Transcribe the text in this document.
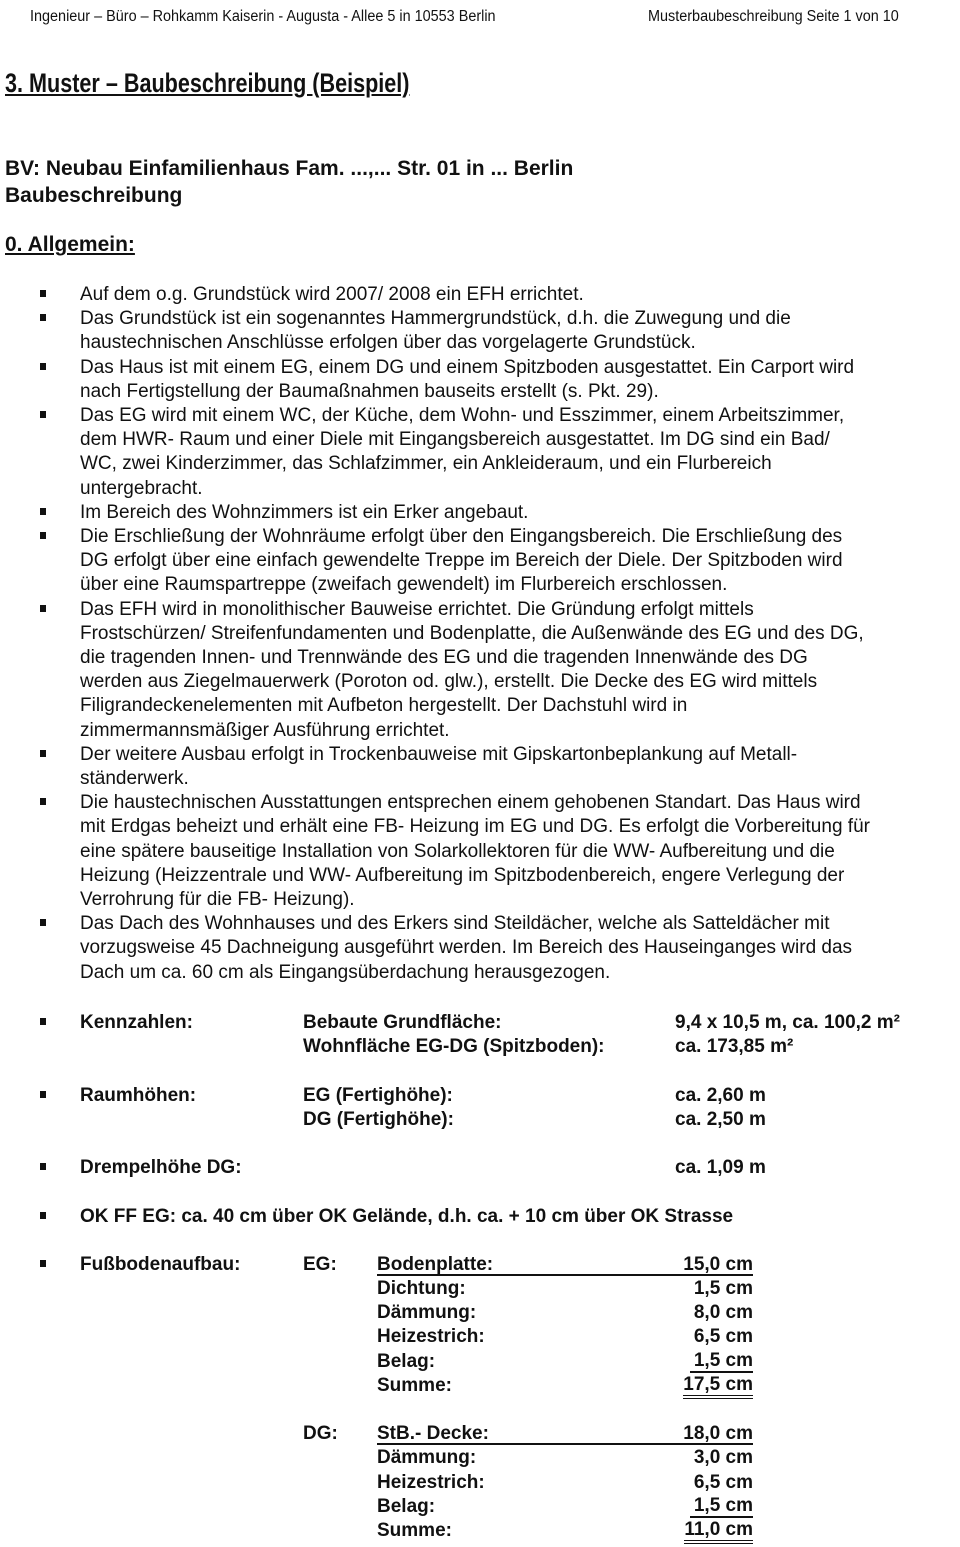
Ingenieur – Büro – Rohkamm Kaiserin - Augusta - Allee 5 in 10553 Berlin	Musterbaubeschreibung Seite 1 von 10
3. Muster – Baubeschreibung (Beispiel)
BV: Neubau Einfamilienhaus Fam. ...,... Str. 01 in ... Berlin
Baubeschreibung
0. Allgemein:
Auf dem o.g. Grundstück wird 2007/ 2008 ein EFH errichtet.
Das Grundstück ist ein sogenanntes Hammergrundstück, d.h. die Zuwegung und die
haustechnischen Anschlüsse erfolgen über das vorgelagerte Grundstück.
Das Haus ist mit einem EG, einem DG und einem Spitzboden ausgestattet. Ein Carport wird
nach Fertigstellung der Baumaßnahmen bauseits erstellt (s. Pkt. 29).
Das EG wird mit einem WC, der Küche, dem Wohn- und Esszimmer, einem Arbeitszimmer,
dem HWR- Raum und einer Diele mit Eingangsbereich ausgestattet. Im DG sind ein Bad/
WC, zwei Kinderzimmer, das Schlafzimmer, ein Ankleideraum, und ein Flurbereich
untergebracht.
Im Bereich des Wohnzimmers ist ein Erker angebaut.
Die Erschließung der Wohnräume erfolgt über den Eingangsbereich. Die Erschließung des
DG erfolgt über eine einfach gewendelte Treppe im Bereich der Diele. Der Spitzboden wird
über eine Raumspartreppe (zweifach gewendelt) im Flurbereich erschlossen.
Das EFH wird in monolithischer Bauweise errichtet. Die Gründung erfolgt mittels
Frostschürzen/ Streifenfundamenten und Bodenplatte, die Außenwände des EG und des DG,
die tragenden Innen- und Trennwände des EG und die tragenden Innenwände des DG
werden aus Ziegelmauerwerk (Poroton od. glw.), erstellt. Die Decke des EG wird mittels
Filigrandeckenelementen mit Aufbeton hergestellt. Der Dachstuhl wird in
zimmermannsmäßiger Ausführung errichtet.
Der weitere Ausbau erfolgt in Trockenbauweise mit Gipskartonbeplankung auf Metall-
ständerwerk.
Die haustechnischen Ausstattungen entsprechen einem gehobenen Standart. Das Haus wird
mit Erdgas beheizt und erhält eine FB- Heizung im EG und DG. Es erfolgt die Vorbereitung für
eine spätere bauseitige Installation von Solarkollektoren für die WW- Aufbereitung und die
Heizung (Heizzentrale und WW- Aufbereitung im Spitzbodenbereich, engere Verlegung der
Verrohrung für die FB- Heizung).
Das Dach des Wohnhauses und des Erkers sind Steildächer, welche als Satteldächer mit
vorzugsweise 45 Dachneigung ausgeführt werden. Im Bereich des Hauseinganges wird das
Dach um ca. 60 cm als Eingangsüberdachung herausgezogen.
Kennzahlen:	Bebaute Grundfläche:	9,4 x 10,5 m, ca. 100,2 m²
Wohnfläche EG-DG (Spitzboden):	ca. 173,85 m²
Raumhöhen:	EG (Fertighöhe):	ca. 2,60 m
DG (Fertighöhe):	ca. 2,50 m
Drempelhöhe DG:	ca. 1,09 m
OK FF EG: ca. 40 cm über OK Gelände, d.h. ca. + 10 cm über OK Strasse
Fußbodenaufbau:	EG: Bodenplatte:	15,0 cm
Dichtung:	1,5 cm
Dämmung:	8,0 cm
Heizestrich:	6,5 cm
Belag:	1,5 cm
Summe:	17,5 cm
DG: StB.- Decke:	18,0 cm
Dämmung:	3,0 cm
Heizestrich:	6,5 cm
Belag:	1,5 cm
Summe:	11,0 cm
